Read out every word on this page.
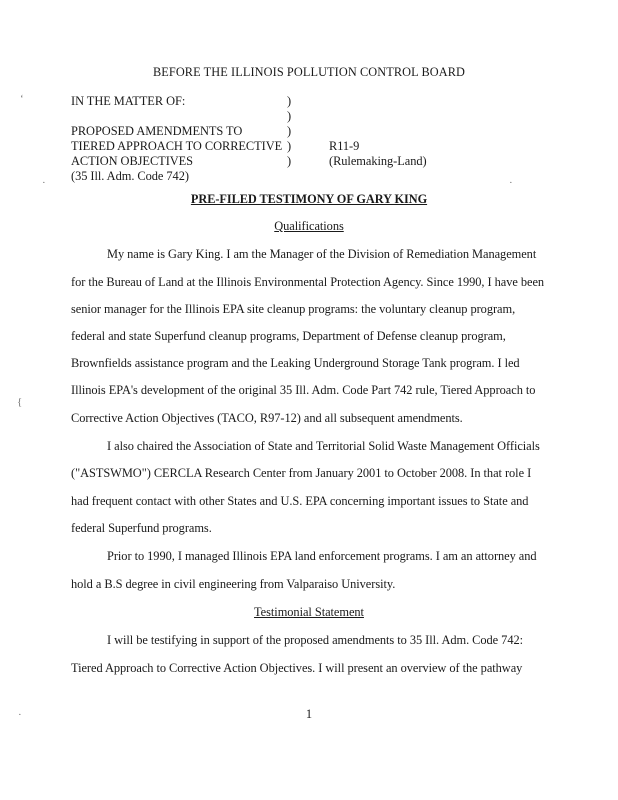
BEFORE THE ILLINOIS POLLUTION CONTROL BOARD
IN THE MATTER OF:
PROPOSED AMENDMENTS TO
TIERED APPROACH TO CORRECTIVE
ACTION OBJECTIVES
(35 Ill. Adm. Code 742)
)
)
)
)
)
R11-9
(Rulemaking-Land)
PRE-FILED TESTIMONY OF GARY KING
Qualifications
My name is Gary King. I am the Manager of the Division of Remediation Management
for the Bureau of Land at the Illinois Environmental Protection Agency. Since 1990, I have been
senior manager for the Illinois EPA site cleanup programs: the voluntary cleanup program,
federal and state Superfund cleanup programs, Department of Defense cleanup program,
Brownfields assistance program and the Leaking Underground Storage Tank program. I led
Illinois EPA's development of the original 35 Ill. Adm. Code Part 742 rule, Tiered Approach to
Corrective Action Objectives (TACO, R97-12) and all subsequent amendments.
I also chaired the Association of State and Territorial Solid Waste Management Officials
("ASTSWMO") CERCLA Research Center from January 2001 to October 2008. In that role I
had frequent contact with other States and U.S. EPA concerning important issues to State and
federal Superfund programs.
Prior to 1990, I managed Illinois EPA land enforcement programs. I am an attorney and
hold a B.S degree in civil engineering from Valparaiso University.
Testimonial Statement
I will be testifying in support of the proposed amendments to 35 Ill. Adm. Code 742:
Tiered Approach to Corrective Action Objectives. I will present an overview of the pathway
1
‘
{
·
·
·
